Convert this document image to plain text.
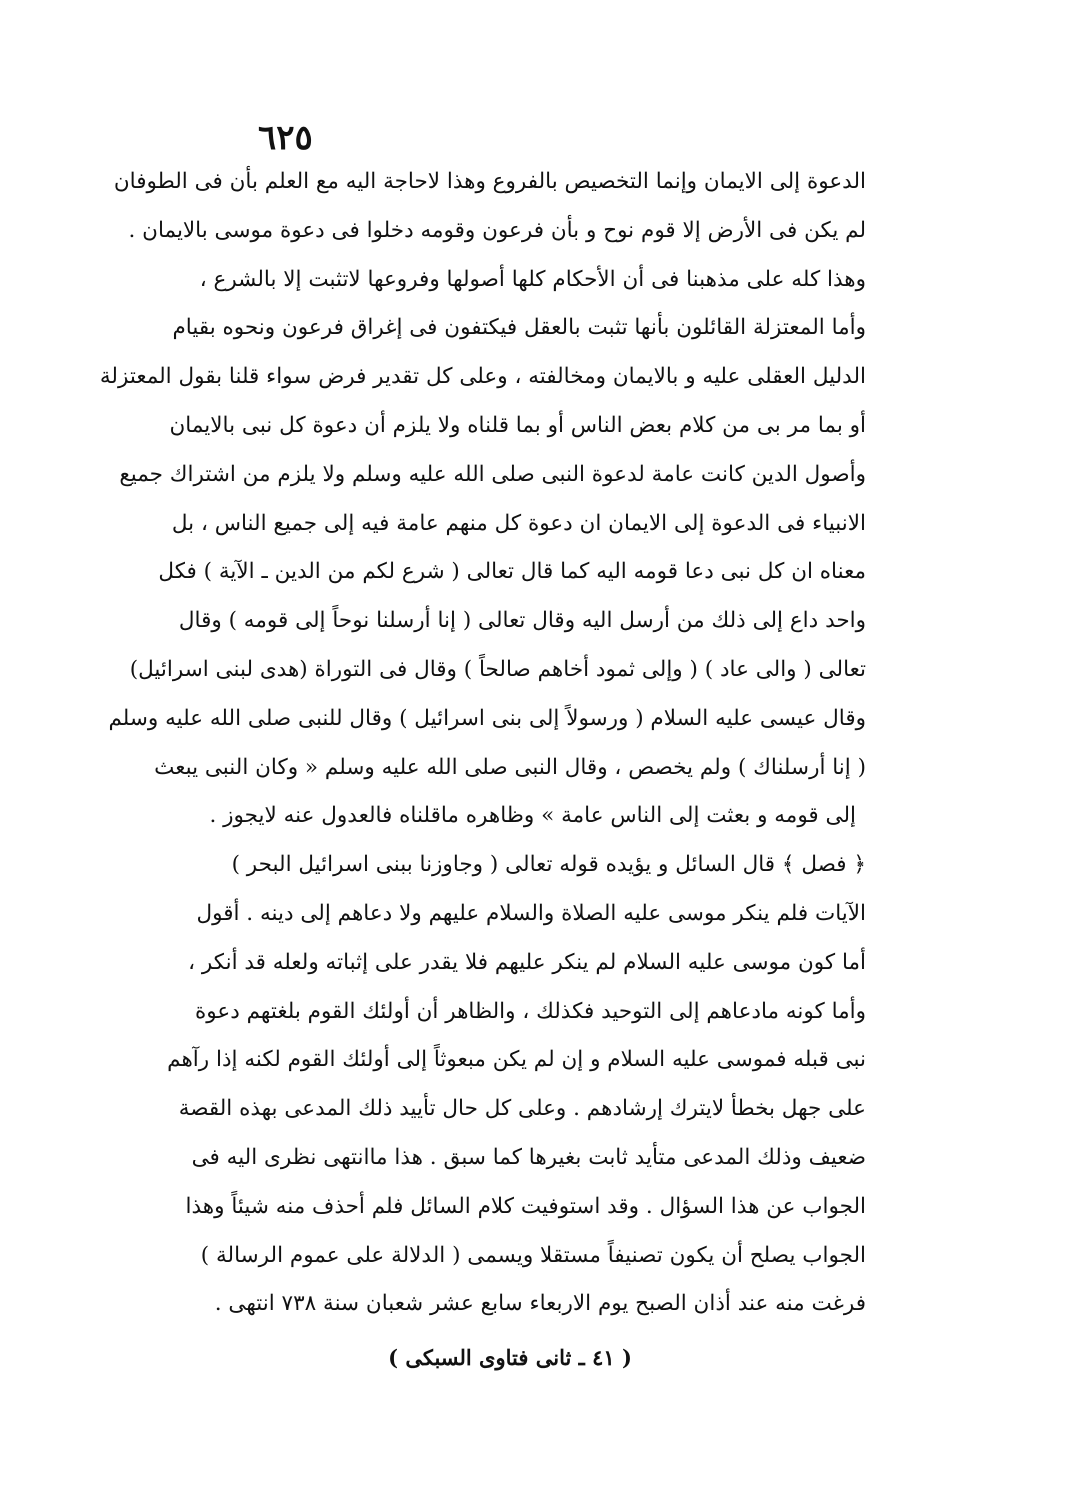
٦٢٥
الدعوة إلى الايمان وإنما التخصيص بالفروع وهذا لاحاجة اليه مع العلم بأن فى الطوفان
لم يكن فى الأرض إلا قوم نوح و بأن فرعون وقومه دخلوا فى دعوة موسى بالايمان .
وهذا كله على مذهبنا فى أن الأحكام كلها أصولها وفروعها لاتثبت إلا بالشرع ،
وأما المعتزلة القائلون بأنها تثبت بالعقل فيكتفون فى إغراق فرعون ونحوه بقيام
الدليل العقلى عليه و بالايمان ومخالفته ، وعلى كل تقدير فرض سواء قلنا بقول المعتزلة
أو بما مر بى من كلام بعض الناس أو بما قلناه ولا يلزم أن دعوة كل نبى بالايمان
وأصول الدين كانت عامة لدعوة النبى صلى الله عليه وسلم ولا يلزم من اشتراك جميع
الانبياء فى الدعوة إلى الايمان ان دعوة كل منهم عامة فيه إلى جميع الناس ، بل
معناه ان كل نبى دعا قومه اليه كما قال تعالى ( شرع لكم من الدين ـ الآية ) فكل
واحد داع إلى ذلك من أرسل اليه وقال تعالى ( إنا أرسلنا نوحاً إلى قومه ) وقال
تعالى ( والى عاد ) ( وإلى ثمود أخاهم صالحاً ) وقال فى التوراة (هدى لبنى اسرائيل)
وقال عيسى عليه السلام ( ورسولاً إلى بنى اسرائيل ) وقال للنبى صلى الله عليه وسلم
( إنا أرسلناك ) ولم يخصص ، وقال النبى صلى الله عليه وسلم « وكان النبى يبعث
إلى قومه و بعثت إلى الناس عامة » وظاهره ماقلناه فالعدول عنه لايجوز .
﴿ فصل ﴾ قال السائل و يؤيده قوله تعالى ( وجاوزنا ببنى اسرائيل البحر )
الآيات فلم ينكر موسى عليه الصلاة والسلام عليهم ولا دعاهم إلى دينه . أقول
أما كون موسى عليه السلام لم ينكر عليهم فلا يقدر على إثباته ولعله قد أنكر ،
وأما كونه مادعاهم إلى التوحيد فكذلك ، والظاهر أن أولئك القوم بلغتهم دعوة
نبى قبله فموسى عليه السلام و إن لم يكن مبعوثاً إلى أولئك القوم لكنه إذا رآهم
على جهل بخطأ لايترك إرشادهم . وعلى كل حال تأييد ذلك المدعى بهذه القصة
ضعيف وذلك المدعى متأيد ثابت بغيرها كما سبق . هذا ماانتهى نظرى اليه فى
الجواب عن هذا السؤال . وقد استوفيت كلام السائل فلم أحذف منه شيئاً وهذا
الجواب يصلح أن يكون تصنيفاً مستقلا ويسمى ( الدلالة على عموم الرسالة )
فرغت منه عند أذان الصبح يوم الاربعاء سابع عشر شعبان سنة ٧٣٨ انتهى .
( ٤١ ـ ثانى فتاوى السبكى )
